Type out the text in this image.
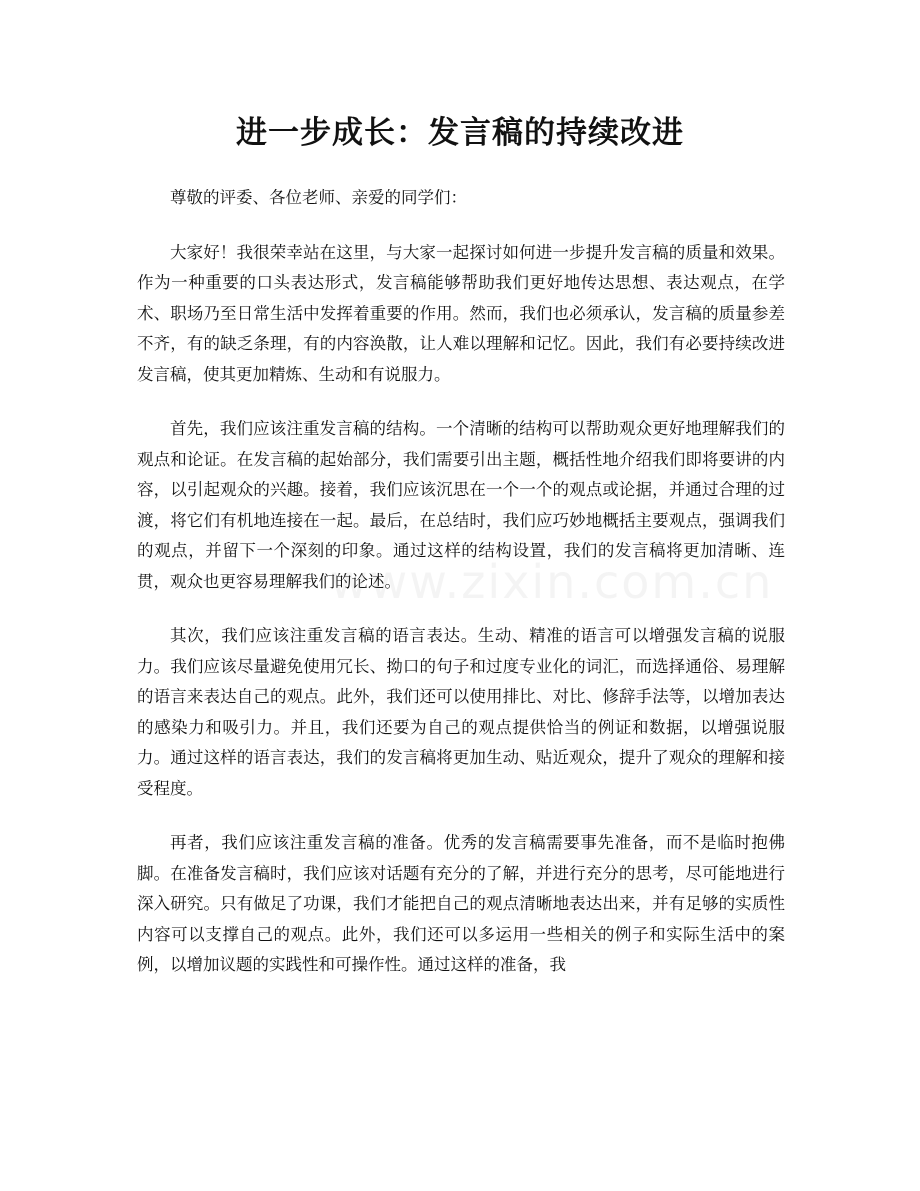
进一步成长：发言稿的持续改进

尊敬的评委、各位老师、亲爱的同学们：

大家好！我很荣幸站在这里，与大家一起探讨如何进一步提升发言稿的质量和效果。作为一种重要的口头表达形式，发言稿能够帮助我们更好地传达思想、表达观点，在学术、职场乃至日常生活中发挥着重要的作用。然而，我们也必须承认，发言稿的质量参差不齐，有的缺乏条理，有的内容涣散，让人难以理解和记忆。因此，我们有必要持续改进发言稿，使其更加精炼、生动和有说服力。

首先，我们应该注重发言稿的结构。一个清晰的结构可以帮助观众更好地理解我们的观点和论证。在发言稿的起始部分，我们需要引出主题，概括性地介绍我们即将要讲的内容，以引起观众的兴趣。接着，我们应该沉思在一个一个的观点或论据，并通过合理的过渡，将它们有机地连接在一起。最后，在总结时，我们应巧妙地概括主要观点，强调我们的观点，并留下一个深刻的印象。通过这样的结构设置，我们的发言稿将更加清晰、连贯，观众也更容易理解我们的论述。

其次，我们应该注重发言稿的语言表达。生动、精准的语言可以增强发言稿的说服力。我们应该尽量避免使用冗长、拗口的句子和过度专业化的词汇，而选择通俗、易理解的语言来表达自己的观点。此外，我们还可以使用排比、对比、修辞手法等，以增加表达的感染力和吸引力。并且，我们还要为自己的观点提供恰当的例证和数据，以增强说服力。通过这样的语言表达，我们的发言稿将更加生动、贴近观众，提升了观众的理解和接受程度。

再者，我们应该注重发言稿的准备。优秀的发言稿需要事先准备，而不是临时抱佛脚。在准备发言稿时，我们应该对话题有充分的了解，并进行充分的思考，尽可能地进行深入研究。只有做足了功课，我们才能把自己的观点清晰地表达出来，并有足够的实质性内容可以支撑自己的观点。此外，我们还可以多运用一些相关的例子和实际生活中的案例，以增加议题的实践性和可操作性。通过这样的准备，我

www.zixin.com.cn
